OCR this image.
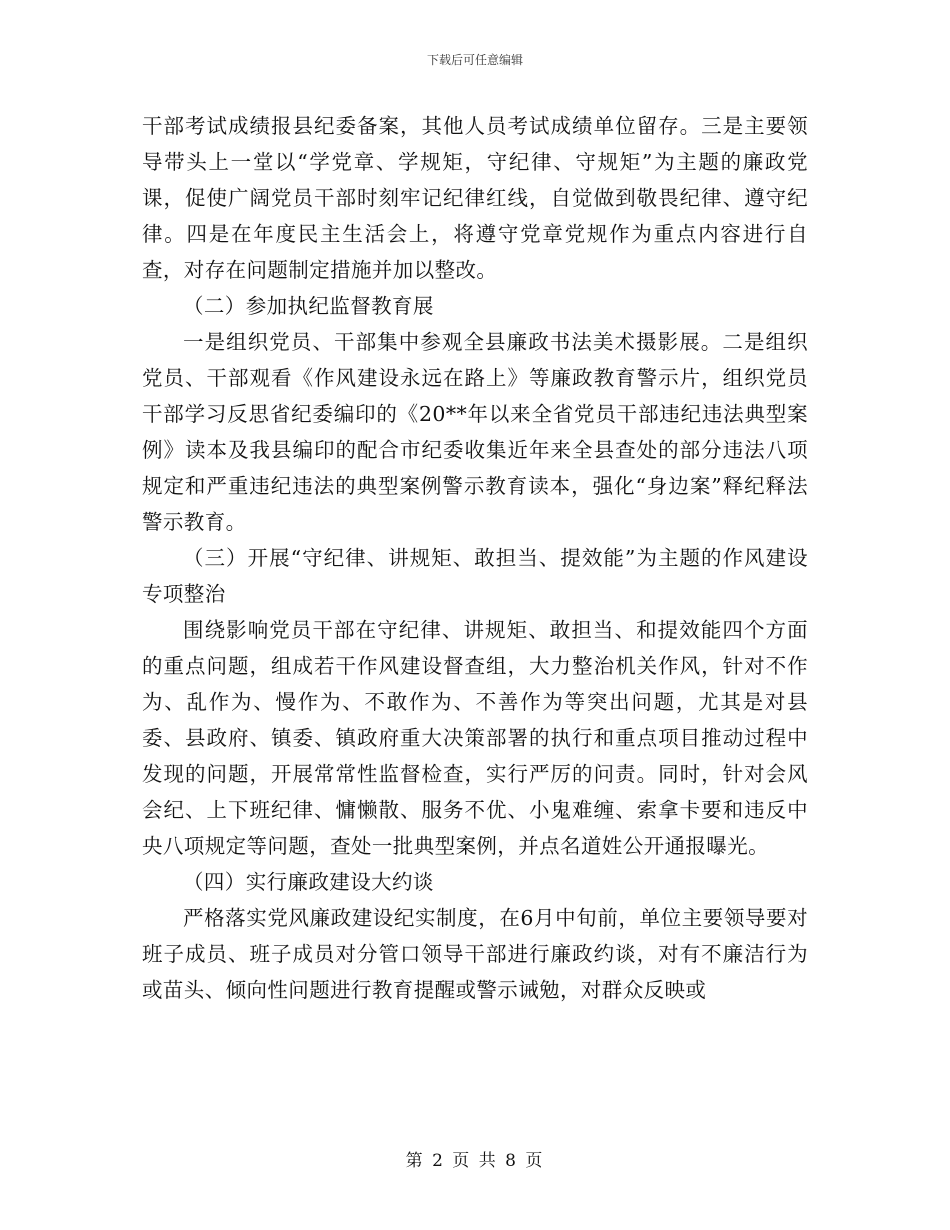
下载后可任意编辑

干部考试成绩报县纪委备案，其他人员考试成绩单位留存。三是主要领导带头上一堂以“学党章、学规矩，守纪律、守规矩”为主题的廉政党课，促使广阔党员干部时刻牢记纪律红线，自觉做到敬畏纪律、遵守纪律。四是在年度民主生活会上，将遵守党章党规作为重点内容进行自查，对存在问题制定措施并加以整改。

（二）参加执纪监督教育展

一是组织党员、干部集中参观全县廉政书法美术摄影展。二是组织党员、干部观看《作风建设永远在路上》等廉政教育警示片，组织党员干部学习反思省纪委编印的《20**年以来全省党员干部违纪违法典型案例》读本及我县编印的配合市纪委收集近年来全县查处的部分违法八项规定和严重违纪违法的典型案例警示教育读本，强化“身边案”释纪释法警示教育。

（三）开展“守纪律、讲规矩、敢担当、提效能”为主题的作风建设专项整治

围绕影响党员干部在守纪律、讲规矩、敢担当、和提效能四个方面的重点问题，组成若干作风建设督查组，大力整治机关作风，针对不作为、乱作为、慢作为、不敢作为、不善作为等突出问题，尤其是对县委、县政府、镇委、镇政府重大决策部署的执行和重点项目推动过程中发现的问题，开展常常性监督检查，实行严厉的问责。同时，针对会风会纪、上下班纪律、慵懒散、服务不优、小鬼难缠、索拿卡要和违反中央八项规定等问题，查处一批典型案例，并点名道姓公开通报曝光。

（四）实行廉政建设大约谈

严格落实党风廉政建设纪实制度，在6月中旬前，单位主要领导要对班子成员、班子成员对分管口领导干部进行廉政约谈，对有不廉洁行为或苗头、倾向性问题进行教育提醒或警示诫勉，对群众反映或

第 2 页 共 8 页
